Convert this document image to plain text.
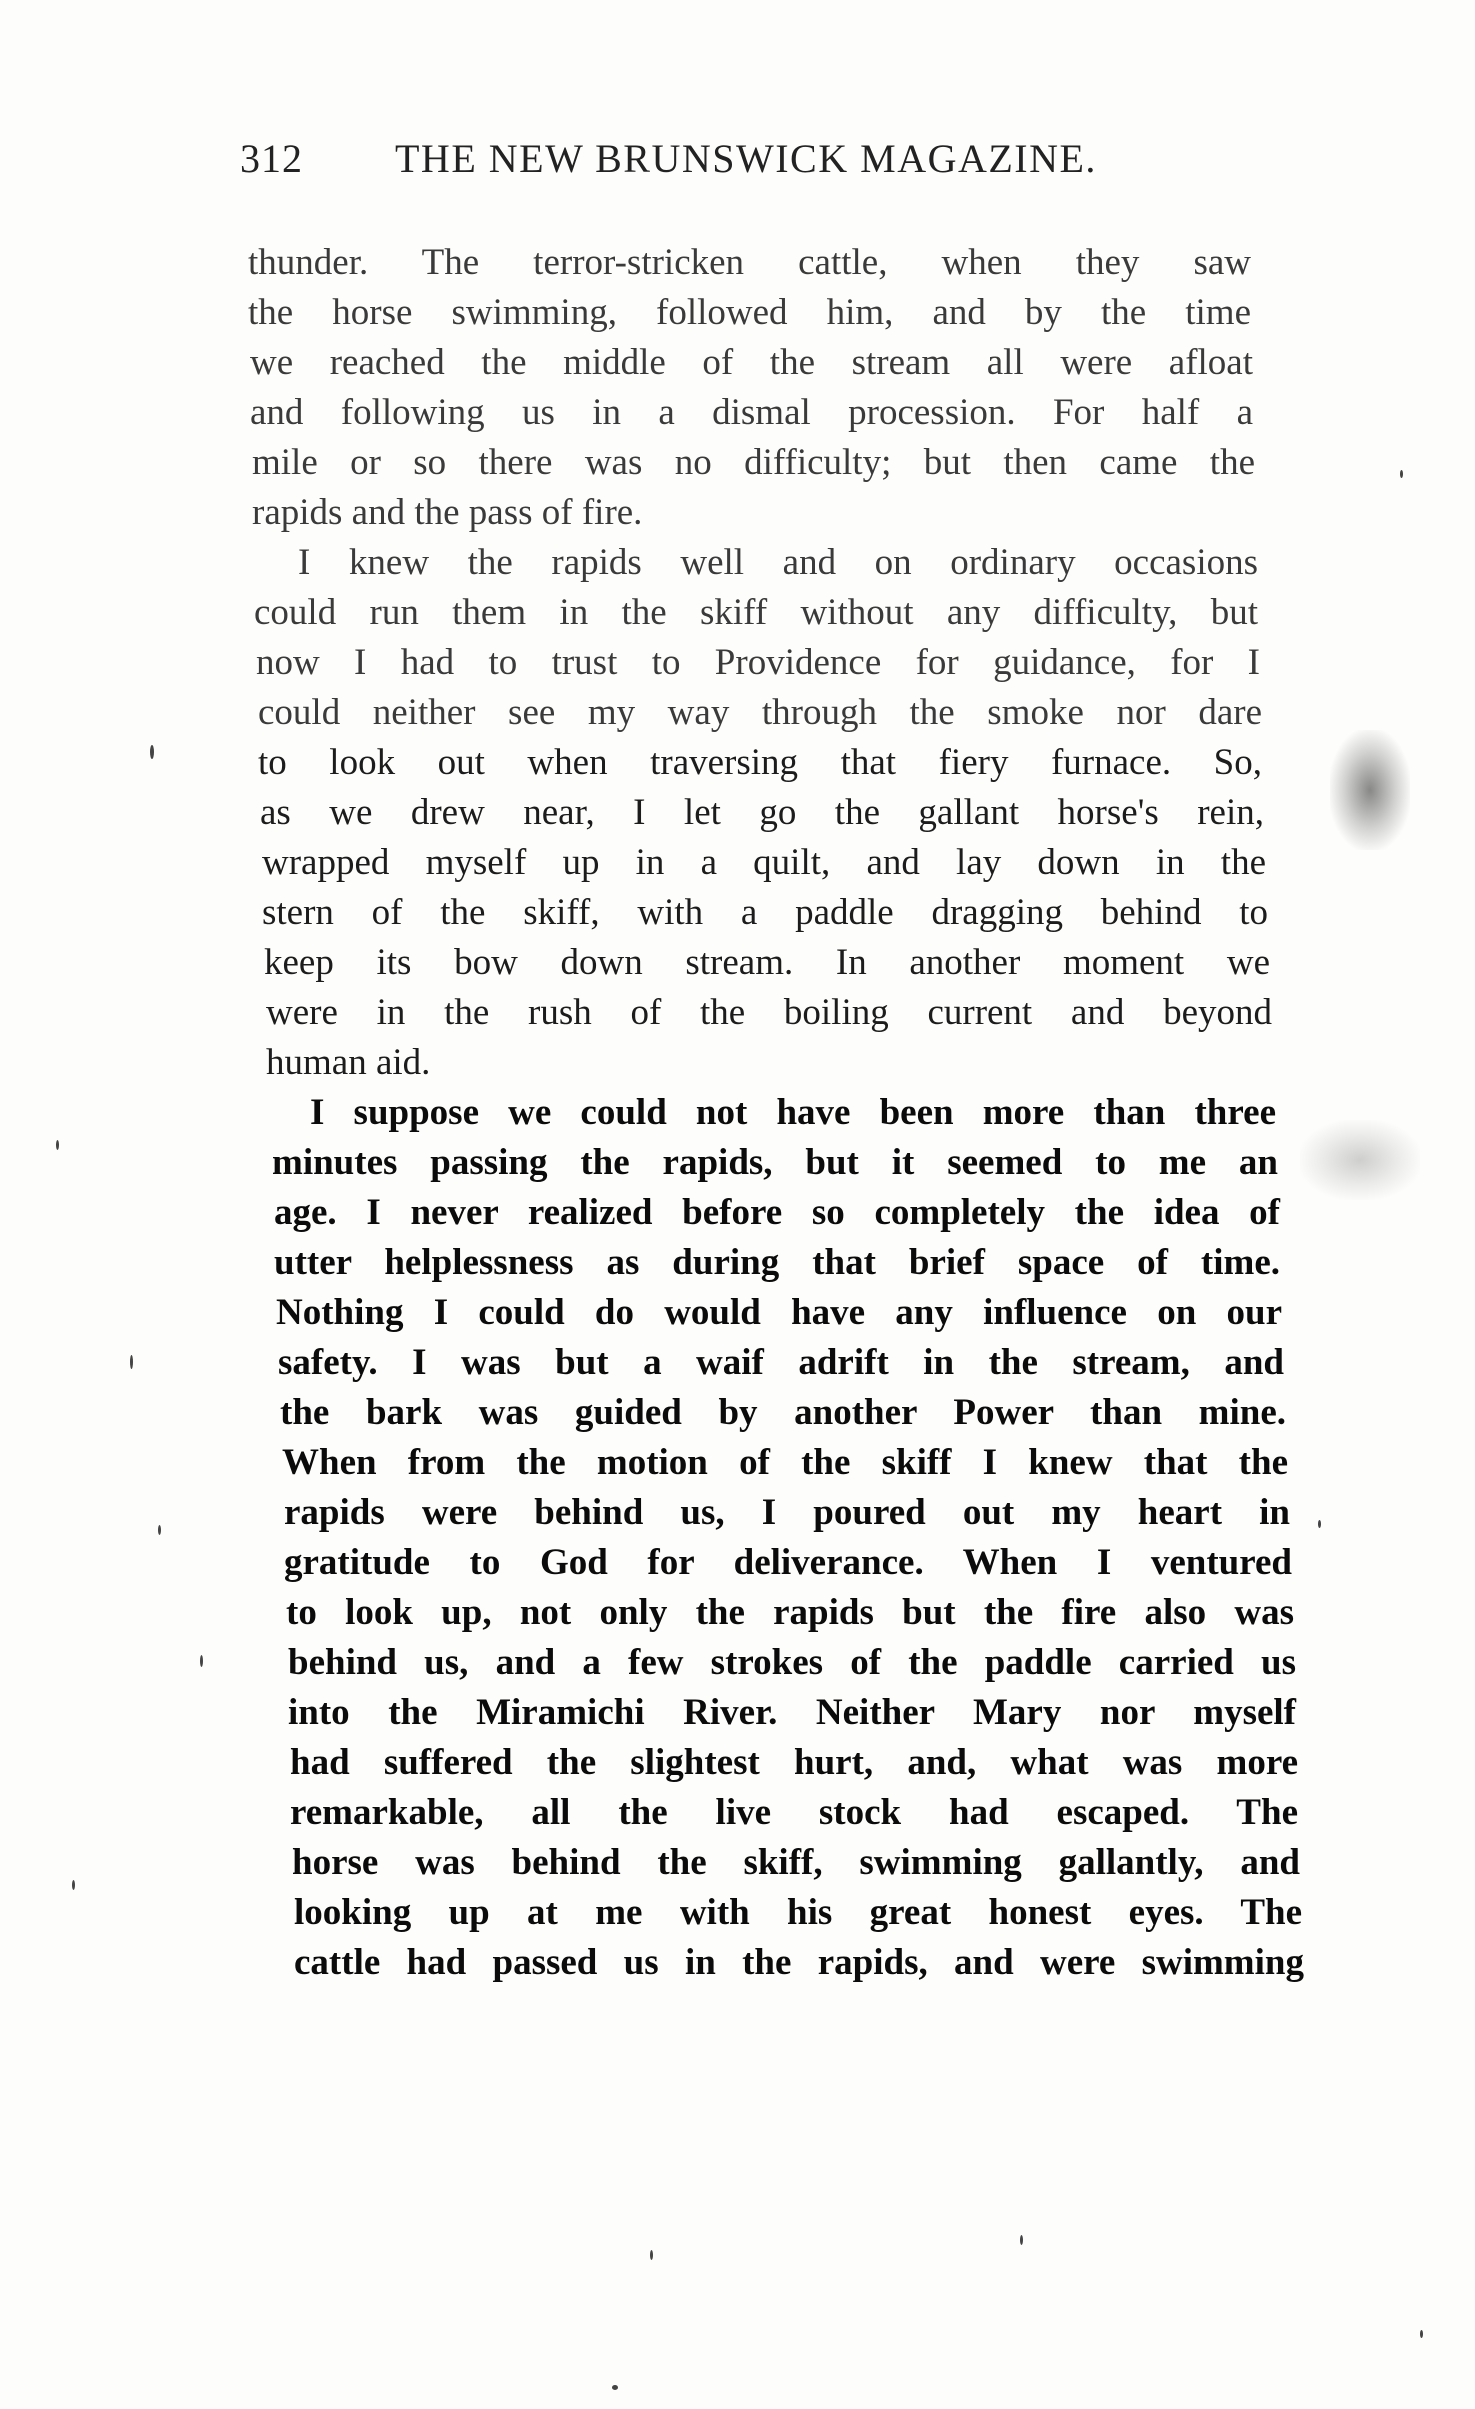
312 THE NEW BRUNSWICK MAGAZINE.
thunder. The terror-stricken cattle, when they saw
the horse swimming, followed him, and by the time
we reached the middle of the stream all were afloat
and following us in a dismal procession. For half a
mile or so there was no difficulty; but then came the
rapids and the pass of fire.
I knew the rapids well and on ordinary occasions
could run them in the skiff without any difficulty, but
now I had to trust to Providence for guidance, for I
could neither see my way through the smoke nor dare
to look out when traversing that fiery furnace. So,
as we drew near, I let go the gallant horse's rein,
wrapped myself up in a quilt, and lay down in the
stern of the skiff, with a paddle dragging behind to
keep its bow down stream. In another moment we
were in the rush of the boiling current and beyond
human aid.
I suppose we could not have been more than three
minutes passing the rapids, but it seemed to me an
age. I never realized before so completely the idea of
utter helplessness as during that brief space of time.
Nothing I could do would have any influence on our
safety. I was but a waif adrift in the stream, and
the bark was guided by another Power than mine.
When from the motion of the skiff I knew that the
rapids were behind us, I poured out my heart in
gratitude to God for deliverance. When I ventured
to look up, not only the rapids but the fire also was
behind us, and a few strokes of the paddle carried us
into the Miramichi River. Neither Mary nor myself
had suffered the slightest hurt, and, what was more
remarkable, all the live stock had escaped. The
horse was behind the skiff, swimming gallantly, and
looking up at me with his great honest eyes. The
cattle had passed us in the rapids, and were swimming
